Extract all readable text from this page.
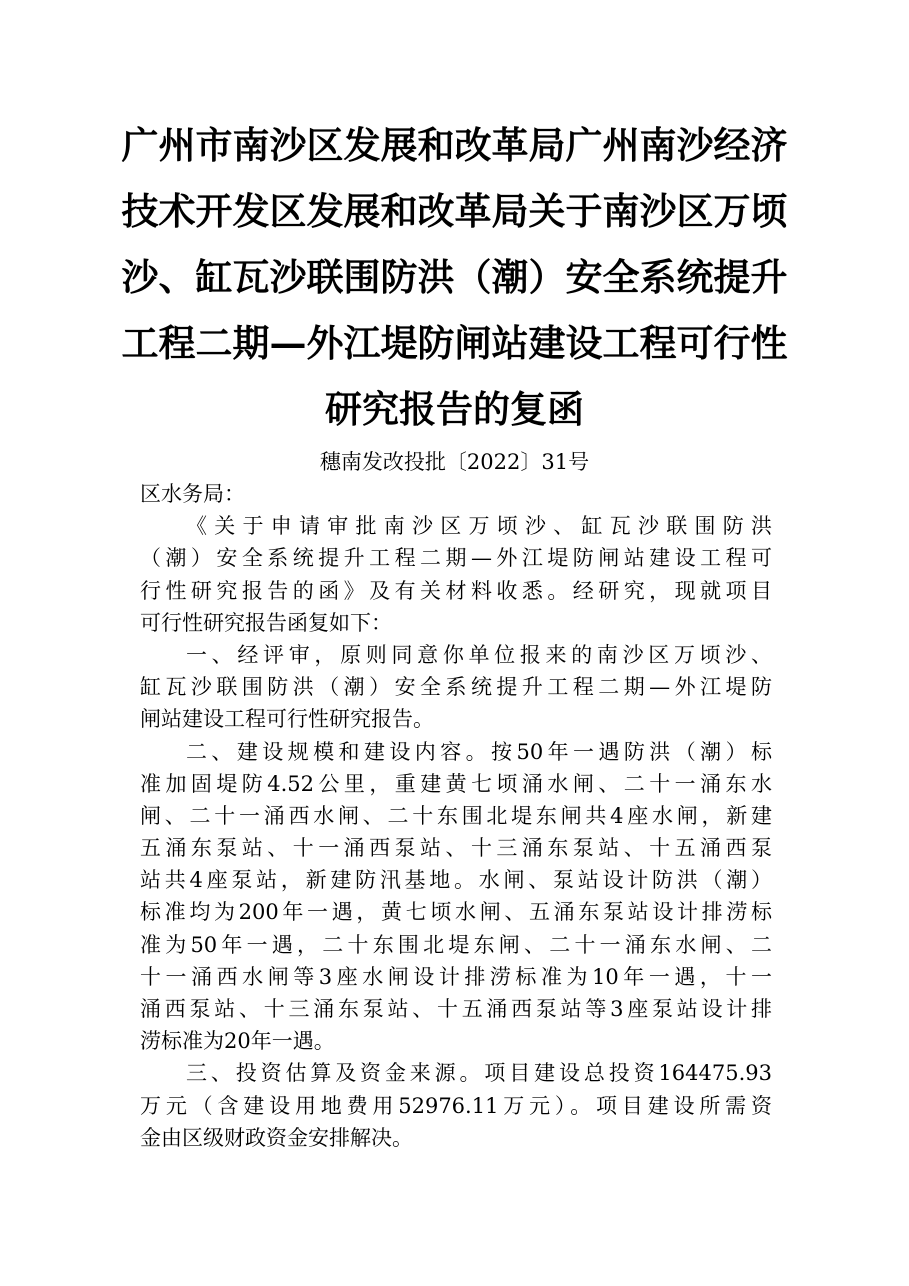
广州市南沙区发展和改革局广州南沙经济
技术开发区发展和改革局关于南沙区万顷
沙、缸瓦沙联围防洪（潮）安全系统提升
工程二期—外江堤防闸站建设工程可行性
研究报告的复函
穗南发改投批〔2022〕31号
区水务局：
《关于申请审批南沙区万顷沙、缸瓦沙联围防洪
（潮）安全系统提升工程二期—外江堤防闸站建设工程可
行性研究报告的函》及有关材料收悉。经研究，现就项目
可行性研究报告函复如下：
一、经评审，原则同意你单位报来的南沙区万顷沙、
缸瓦沙联围防洪（潮）安全系统提升工程二期—外江堤防
闸站建设工程可行性研究报告。
二、建设规模和建设内容。按50年一遇防洪（潮）标
准加固堤防4.52公里，重建黄七顷涌水闸、二十一涌东水
闸、二十一涌西水闸、二十东围北堤东闸共4座水闸，新建
五涌东泵站、十一涌西泵站、十三涌东泵站、十五涌西泵
站共4座泵站，新建防汛基地。水闸、泵站设计防洪（潮）
标准均为200年一遇，黄七顷水闸、五涌东泵站设计排涝标
准为50年一遇，二十东围北堤东闸、二十一涌东水闸、二
十一涌西水闸等3座水闸设计排涝标准为10年一遇，十一
涌西泵站、十三涌东泵站、十五涌西泵站等3座泵站设计排
涝标准为20年一遇。
三、投资估算及资金来源。项目建设总投资164475.93
万元（含建设用地费用52976.11万元）。项目建设所需资
金由区级财政资金安排解决。
